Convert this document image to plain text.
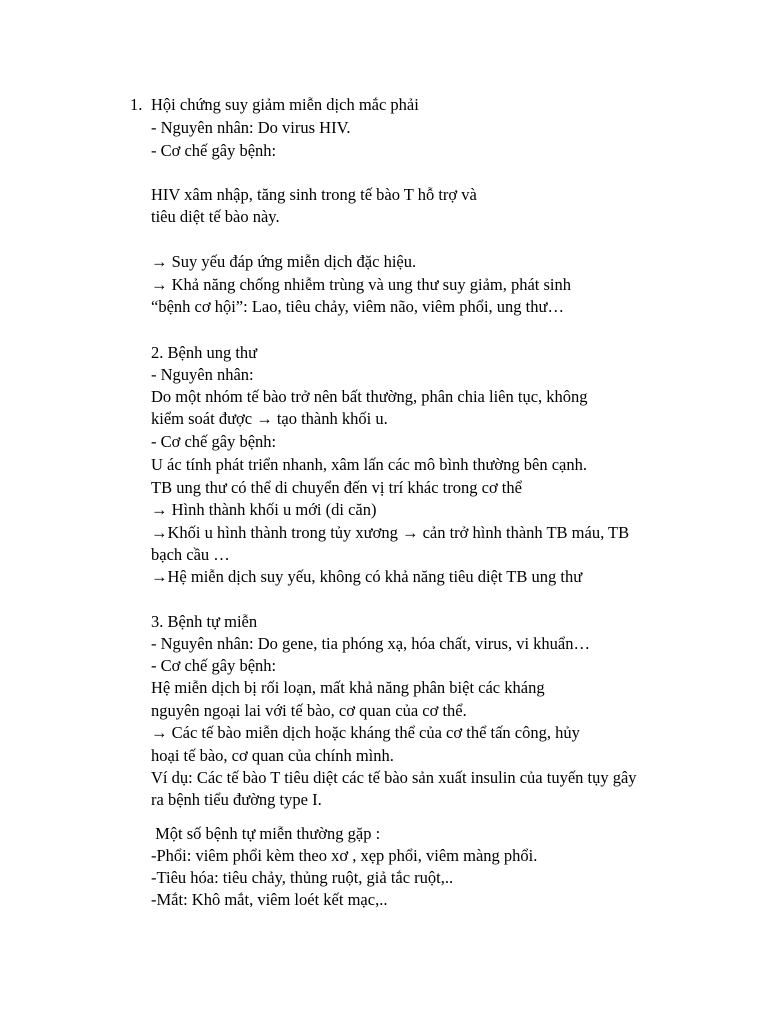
1. Hội chứng suy giảm miễn dịch mắc phải
- Nguyên nhân: Do virus HIV.
- Cơ chế gây bệnh:
HIV xâm nhập, tăng sinh trong tế bào T hỗ trợ và
tiêu diệt tế bào này.
→ Suy yếu đáp ứng miễn dịch đặc hiệu.
→ Khả năng chống nhiễm trùng và ung thư suy giảm, phát sinh
“bệnh cơ hội”: Lao, tiêu chảy, viêm não, viêm phổi, ung thư…
2. Bệnh ung thư
- Nguyên nhân:
Do một nhóm tế bào trở nên bất thường, phân chia liên tục, không
kiểm soát được → tạo thành khối u.
- Cơ chế gây bệnh:
U ác tính phát triển nhanh, xâm lấn các mô bình thường bên cạnh.
TB ung thư có thể di chuyển đến vị trí khác trong cơ thể
→ Hình thành khối u mới (di căn)
→Khối u hình thành trong tủy xương → cản trở hình thành TB máu, TB
bạch cầu …
→Hệ miễn dịch suy yếu, không có khả năng tiêu diệt TB ung thư
3. Bệnh tự miễn
- Nguyên nhân: Do gene, tia phóng xạ, hóa chất, virus, vi khuẩn…
- Cơ chế gây bệnh:
Hệ miễn dịch bị rối loạn, mất khả năng phân biệt các kháng
nguyên ngoại lai với tế bào, cơ quan của cơ thể.
→ Các tế bào miễn dịch hoặc kháng thể của cơ thể tấn công, hủy
hoại tế bào, cơ quan của chính mình.
Ví dụ: Các tế bào T tiêu diệt các tế bào sản xuất insulin của tuyến tụy gây
ra bệnh tiểu đường type I.
Một số bệnh tự miễn thường gặp :
-Phổi: viêm phổi kèm theo xơ , xẹp phổi, viêm màng phổi.
-Tiêu hóa: tiêu chảy, thủng ruột, giả tắc ruột,..
-Mắt: Khô mắt, viêm loét kết mạc,..
